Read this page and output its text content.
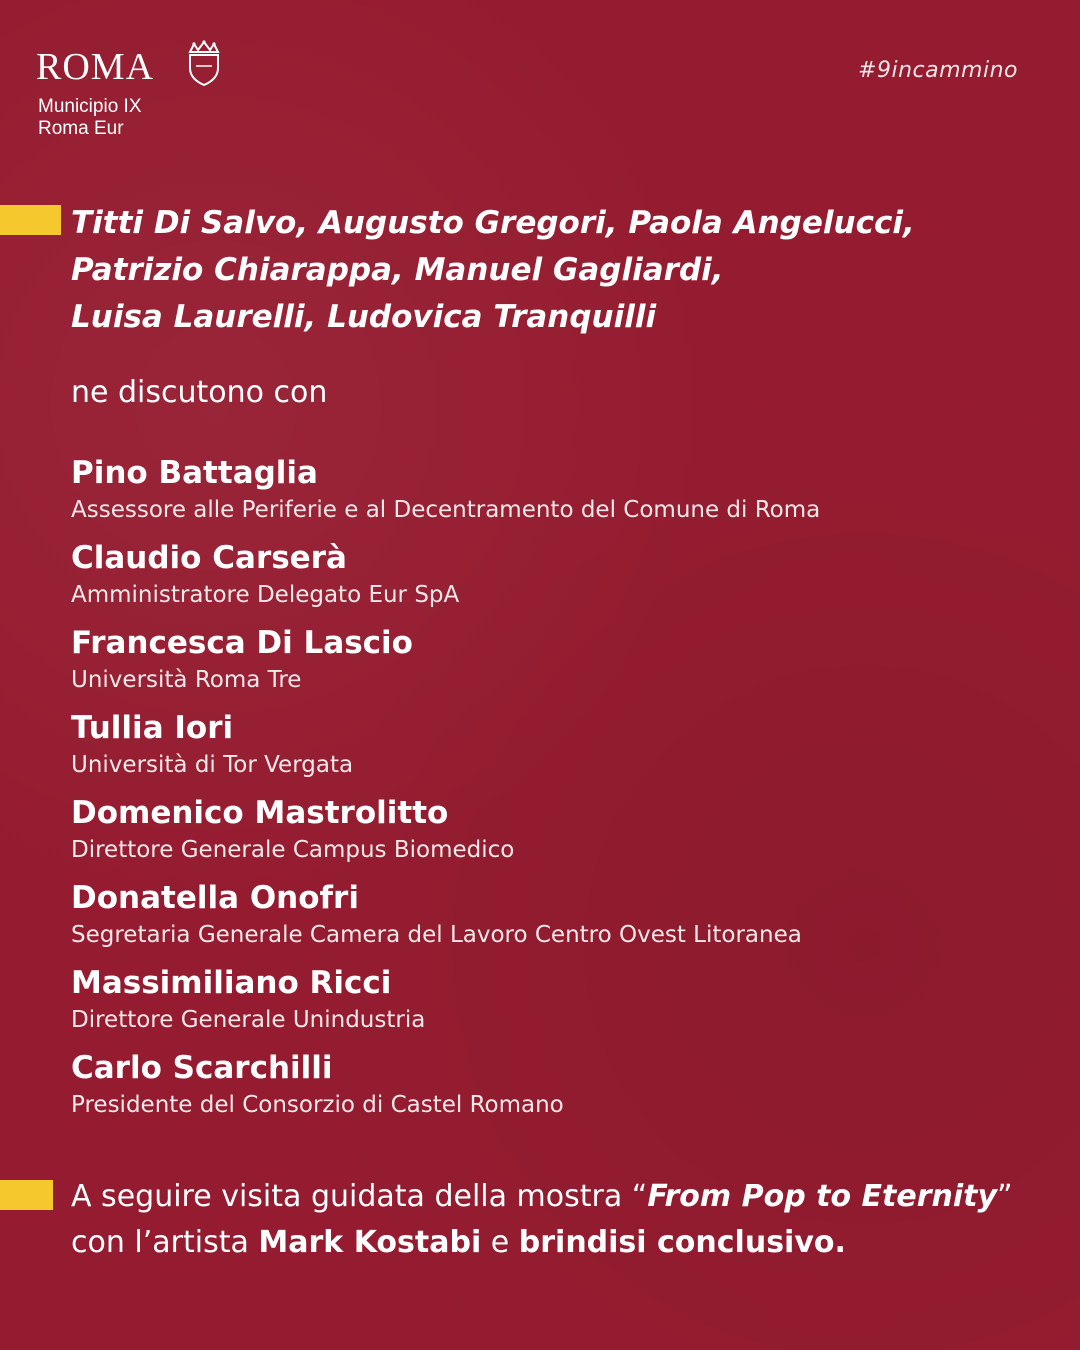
ROMA
Municipio IX
Roma Eur
#9incammino
Titti Di Salvo, Augusto Gregori, Paola Angelucci,
Patrizio Chiarappa, Manuel Gagliardi,
Luisa Laurelli, Ludovica Tranquilli
ne discutono con
Pino Battaglia
Assessore alle Periferie e al Decentramento del Comune di Roma
Claudio Carserà
Amministratore Delegato Eur SpA
Francesca Di Lascio
Università Roma Tre
Tullia Iori
Università di Tor Vergata
Domenico Mastrolitto
Direttore Generale Campus Biomedico
Donatella Onofri
Segretaria Generale Camera del Lavoro Centro Ovest Litoranea
Massimiliano Ricci
Direttore Generale Unindustria
Carlo Scarchilli
Presidente del Consorzio di Castel Romano
A seguire visita guidata della mostra “From Pop to Eternity”
con l’artista Mark Kostabi e brindisi conclusivo.
